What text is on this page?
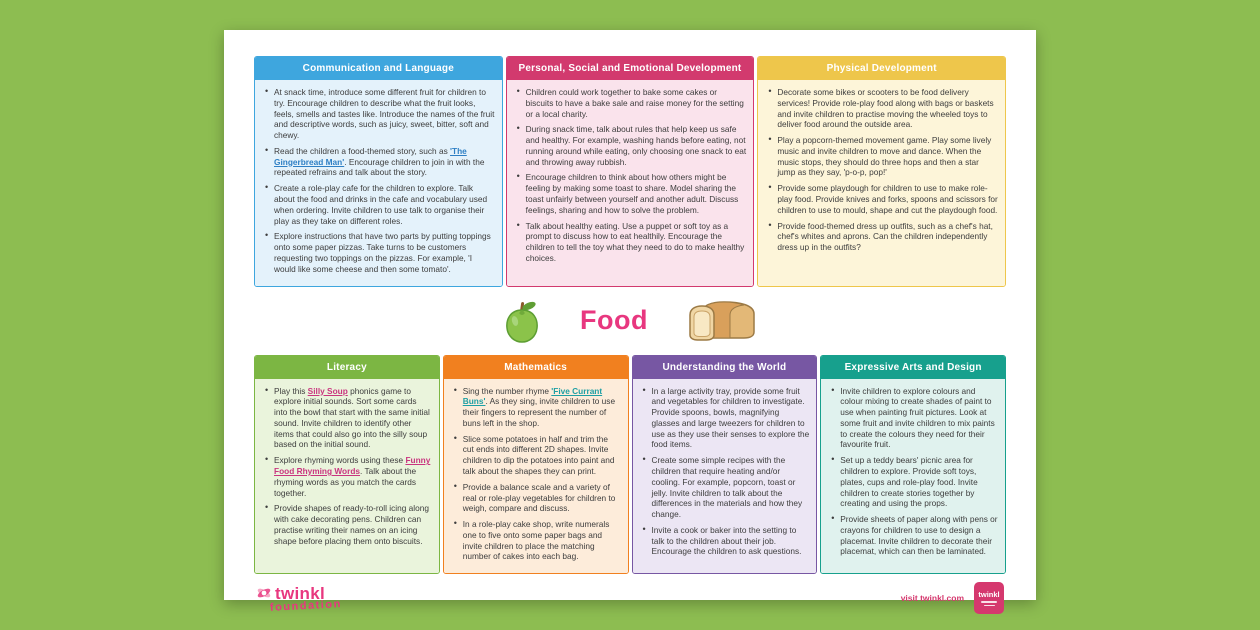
Communication and Language
• At snack time, introduce some different fruit for children to try. Encourage children to describe what the fruit looks, feels, smells and tastes like. Introduce the names of the fruit and descriptive words, such as juicy, sweet, bitter, soft and chewy.
• Read the children a food-themed story, such as 'The Gingerbread Man'. Encourage children to join in with the repeated refrains and talk about the story.
• Create a role-play cafe for the children to explore. Talk about the food and drinks in the cafe and vocabulary used when ordering. Invite children to use talk to organise their play as they take on different roles.
• Explore instructions that have two parts by putting toppings onto some paper pizzas. Take turns to be customers requesting two toppings on the pizzas. For example, 'I would like some cheese and then some tomato'.
Personal, Social and Emotional Development
• Children could work together to bake some cakes or biscuits to have a bake sale and raise money for the setting or a local charity.
• During snack time, talk about rules that help keep us safe and healthy. For example, washing hands before eating, not running around while eating, only choosing one snack to eat and throwing away rubbish.
• Encourage children to think about how others might be feeling by making some toast to share. Model sharing the toast unfairly between yourself and another adult. Discuss feelings, sharing and how to solve the problem.
• Talk about healthy eating. Use a puppet or soft toy as a prompt to discuss how to eat healthily. Encourage the children to tell the toy what they need to do to make healthy choices.
Physical Development
• Decorate some bikes or scooters to be food delivery services! Provide role-play food along with bags or baskets and invite children to practise moving the wheeled toys to deliver food around the outside area.
• Play a popcorn-themed movement game. Play some lively music and invite children to move and dance. When the music stops, they should do three hops and then a star jump as they say, 'p-o-p, pop!'
• Provide some playdough for children to use to make role-play food. Provide knives and forks, spoons and scissors for children to use to mould, shape and cut the playdough food.
• Provide food-themed dress up outfits, such as a chef's hat, chef's whites and aprons. Can the children independently dress up in the outfits?
Food
Literacy
• Play this Silly Soup phonics game to explore initial sounds. Sort some cards into the bowl that start with the same initial sound. Invite children to identify other items that could also go into the silly soup based on the initial sound.
• Explore rhyming words using these Funny Food Rhyming Words. Talk about the rhyming words as you match the cards together.
• Provide shapes of ready-to-roll icing along with cake decorating pens. Children can practise writing their names on an icing shape before placing them onto biscuits.
Mathematics
• Sing the number rhyme 'Five Currant Buns'. As they sing, invite children to use their fingers to represent the number of buns left in the shop.
• Slice some potatoes in half and trim the cut ends into different 2D shapes. Invite children to dip the potatoes into paint and talk about the shapes they can print.
• Provide a balance scale and a variety of real or role-play vegetables for children to weigh, compare and discuss.
• In a role-play cake shop, write numerals one to five onto some paper bags and invite children to place the matching number of cakes into each bag.
Understanding the World
• In a large activity tray, provide some fruit and vegetables for children to investigate. Provide spoons, bowls, magnifying glasses and large tweezers for children to use as they use their senses to explore the food items.
• Create some simple recipes with the children that require heating and/or cooling. For example, popcorn, toast or jelly. Invite children to talk about the differences in the materials and how they change.
• Invite a cook or baker into the setting to talk to the children about their job. Encourage the children to ask questions.
Expressive Arts and Design
• Invite children to explore colours and colour mixing to create shades of paint to use when painting fruit pictures. Look at some fruit and invite children to mix paints to create the colours they need for their favourite fruit.
• Set up a teddy bears' picnic area for children to explore. Provide soft toys, plates, cups and role-play food. Invite children to create stories together by creating and using the props.
• Provide sheets of paper along with pens or crayons for children to use to design a placemat. Invite children to decorate their placemat, which can then be laminated.
twinkl
foundation	visit twinkl.com twinkl
